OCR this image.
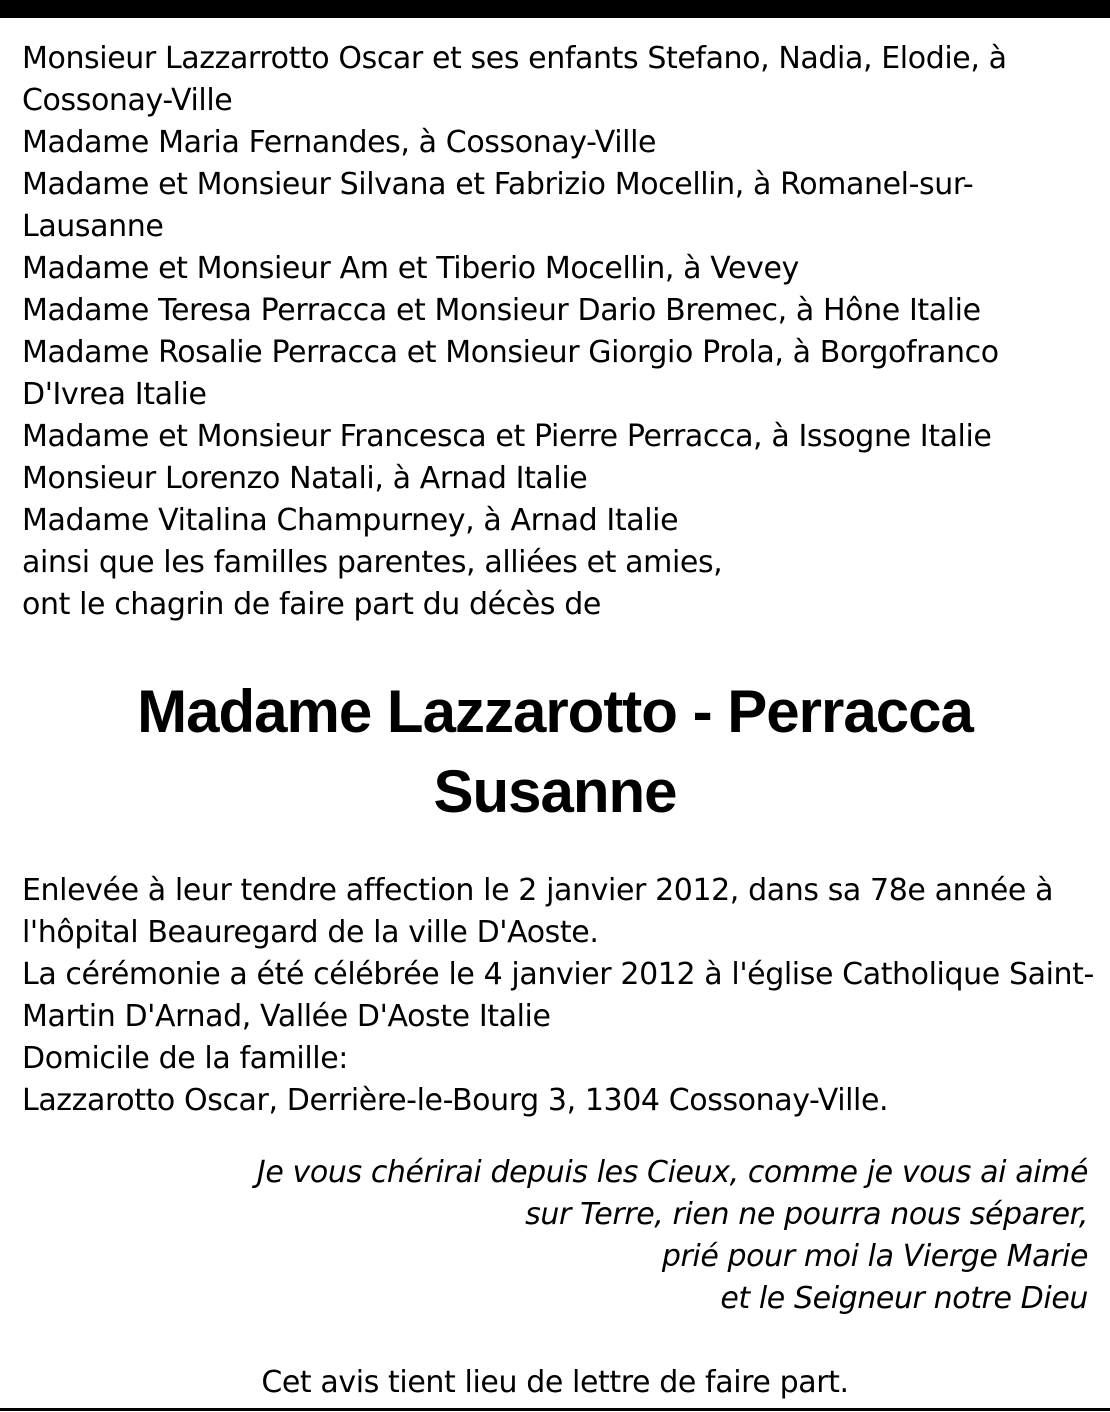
Monsieur Lazzarrotto Oscar et ses enfants Stefano, Nadia, Elodie, à
Cossonay-Ville
Madame Maria Fernandes, à Cossonay-Ville
Madame et Monsieur Silvana et Fabrizio Mocellin, à Romanel-sur-
Lausanne
Madame et Monsieur Am et Tiberio Mocellin, à Vevey
Madame Teresa Perracca et Monsieur Dario Bremec, à Hône Italie
Madame Rosalie Perracca et Monsieur Giorgio Prola, à Borgofranco
D'Ivrea Italie
Madame et Monsieur Francesca et Pierre Perracca, à Issogne Italie
Monsieur Lorenzo Natali, à Arnad Italie
Madame Vitalina Champurney, à Arnad Italie
ainsi que les familles parentes, alliées et amies,
ont le chagrin de faire part du décès de
Madame Lazzarotto - Perracca
Susanne
Enlevée à leur tendre affection le 2 janvier 2012, dans sa 78e année à
l'hôpital Beauregard de la ville D'Aoste.
La cérémonie a été célébrée le 4 janvier 2012 à l'église Catholique Saint-
Martin D'Arnad, Vallée D'Aoste Italie
Domicile de la famille:
Lazzarotto Oscar, Derrière-le-Bourg 3, 1304 Cossonay-Ville.
Je vous chérirai depuis les Cieux, comme je vous ai aimé
sur Terre, rien ne pourra nous séparer,
prié pour moi la Vierge Marie
et le Seigneur notre Dieu
Cet avis tient lieu de lettre de faire part.
